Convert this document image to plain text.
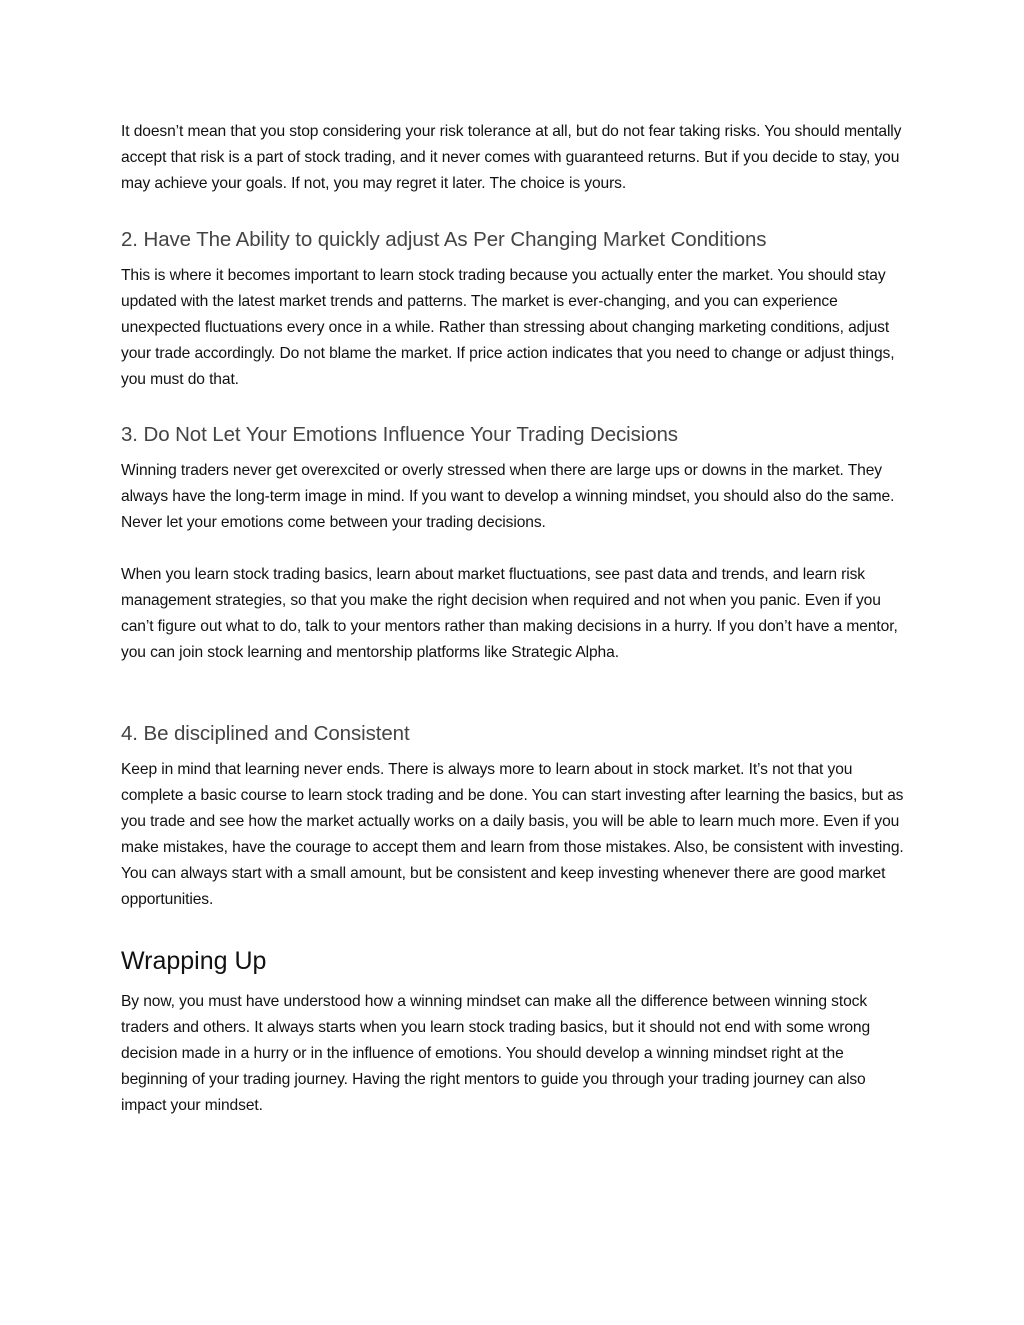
It doesn’t mean that you stop considering your risk tolerance at all, but do not fear taking risks. You should mentally accept that risk is a part of stock trading, and it never comes with guaranteed returns. But if you decide to stay, you may achieve your goals. If not, you may regret it later. The choice is yours.

2. Have The Ability to quickly adjust As Per Changing Market Conditions

This is where it becomes important to learn stock trading because you actually enter the market. You should stay updated with the latest market trends and patterns. The market is ever-changing, and you can experience unexpected fluctuations every once in a while. Rather than stressing about changing marketing conditions, adjust your trade accordingly. Do not blame the market. If price action indicates that you need to change or adjust things, you must do that.

3. Do Not Let Your Emotions Influence Your Trading Decisions

Winning traders never get overexcited or overly stressed when there are large ups or downs in the market. They always have the long-term image in mind. If you want to develop a winning mindset, you should also do the same. Never let your emotions come between your trading decisions.

When you learn stock trading basics, learn about market fluctuations, see past data and trends, and learn risk management strategies, so that you make the right decision when required and not when you panic. Even if you can’t figure out what to do, talk to your mentors rather than making decisions in a hurry. If you don’t have a mentor, you can join stock learning and mentorship platforms like Strategic Alpha.

4. Be disciplined and Consistent

Keep in mind that learning never ends. There is always more to learn about in stock market. It’s not that you complete a basic course to learn stock trading and be done. You can start investing after learning the basics, but as you trade and see how the market actually works on a daily basis, you will be able to learn much more. Even if you make mistakes, have the courage to accept them and learn from those mistakes. Also, be consistent with investing. You can always start with a small amount, but be consistent and keep investing whenever there are good market opportunities.

Wrapping Up

By now, you must have understood how a winning mindset can make all the difference between winning stock traders and others. It always starts when you learn stock trading basics, but it should not end with some wrong decision made in a hurry or in the influence of emotions. You should develop a winning mindset right at the beginning of your trading journey. Having the right mentors to guide you through your trading journey can also impact your mindset.
